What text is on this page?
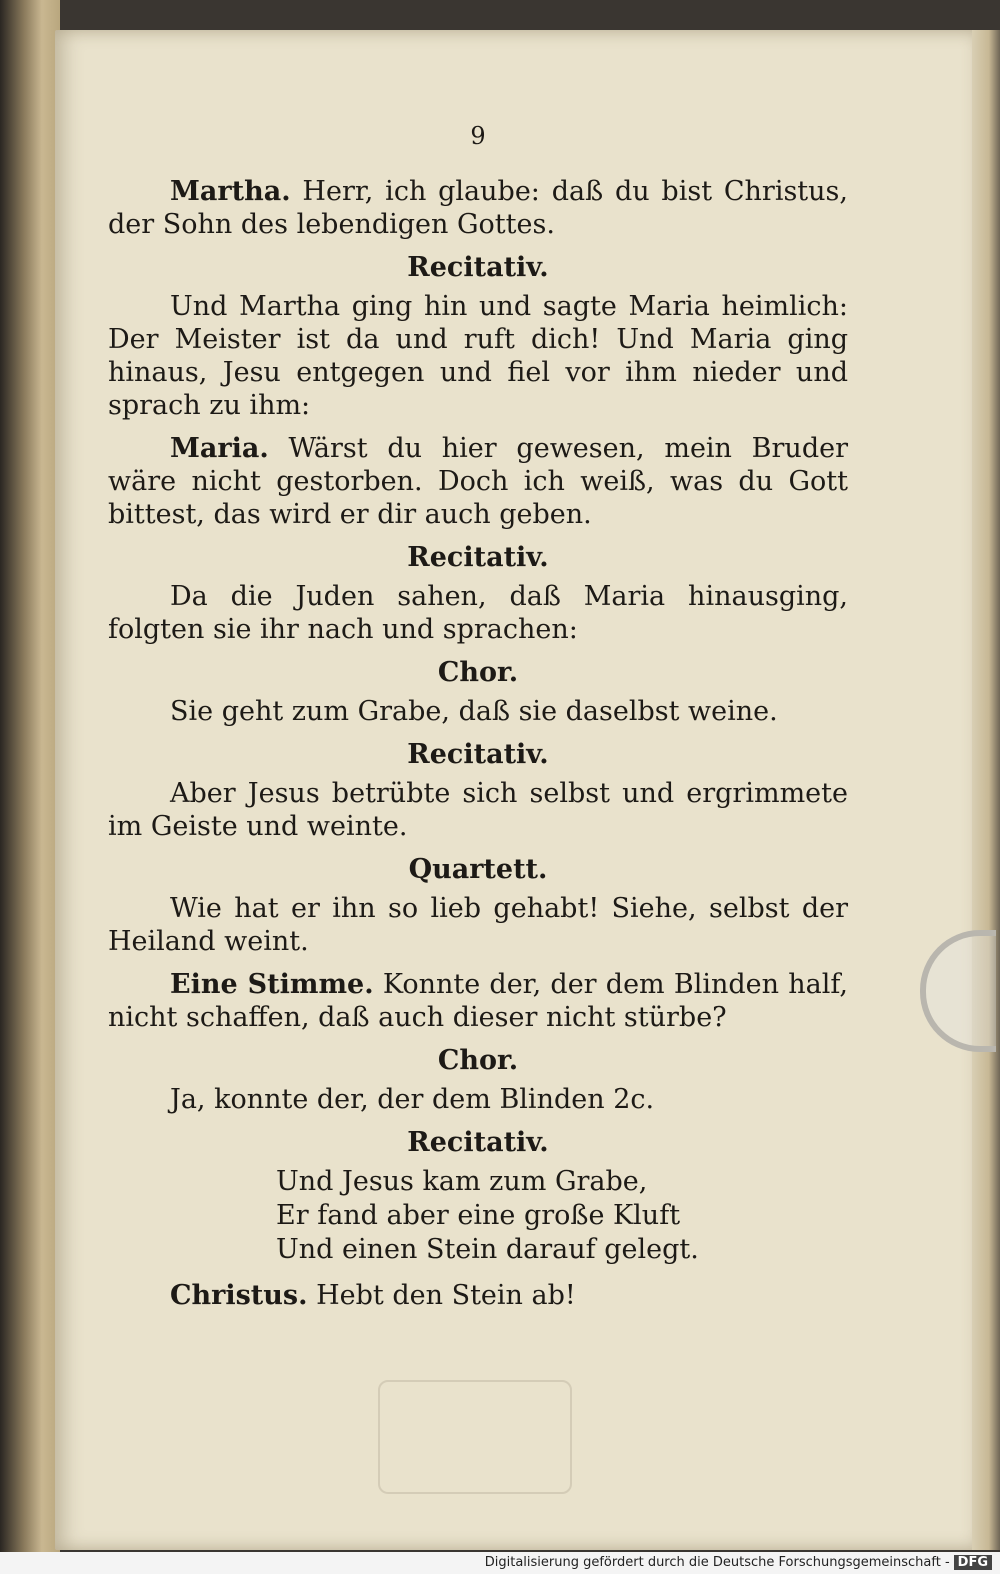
9

Martha. Herr, ich glaube: daß du bist Christus, der Sohn des lebendigen Gottes.

Recitativ.

Und Martha ging hin und sagte Maria heimlich: Der Meister ist da und ruft dich! Und Maria ging hinaus, Jesu entgegen und fiel vor ihm nieder und sprach zu ihm:

Maria. Wärst du hier gewesen, mein Bruder wäre nicht gestorben. Doch ich weiß, was du Gott bittest, das wird er dir auch geben.

Recitativ.

Da die Juden sahen, daß Maria hinausging, folgten sie ihr nach und sprachen:

Chor.

Sie geht zum Grabe, daß sie daselbst weine.

Recitativ.

Aber Jesus betrübte sich selbst und ergrimmete im Geiste und weinte.

Quartett.

Wie hat er ihn so lieb gehabt! Siehe, selbst der Heiland weint.

Eine Stimme. Konnte der, der dem Blinden half, nicht schaffen, daß auch dieser nicht stürbe?

Chor.

Ja, konnte der, der dem Blinden 2c.

Recitativ.
Und Jesus kam zum Grabe,
Er fand aber eine große Kluft
Und einen Stein darauf gelegt.

Christus. Hebt den Stein ab!

Digitalisierung gefördert durch die Deutsche Forschungsgemeinschaft - DFG
